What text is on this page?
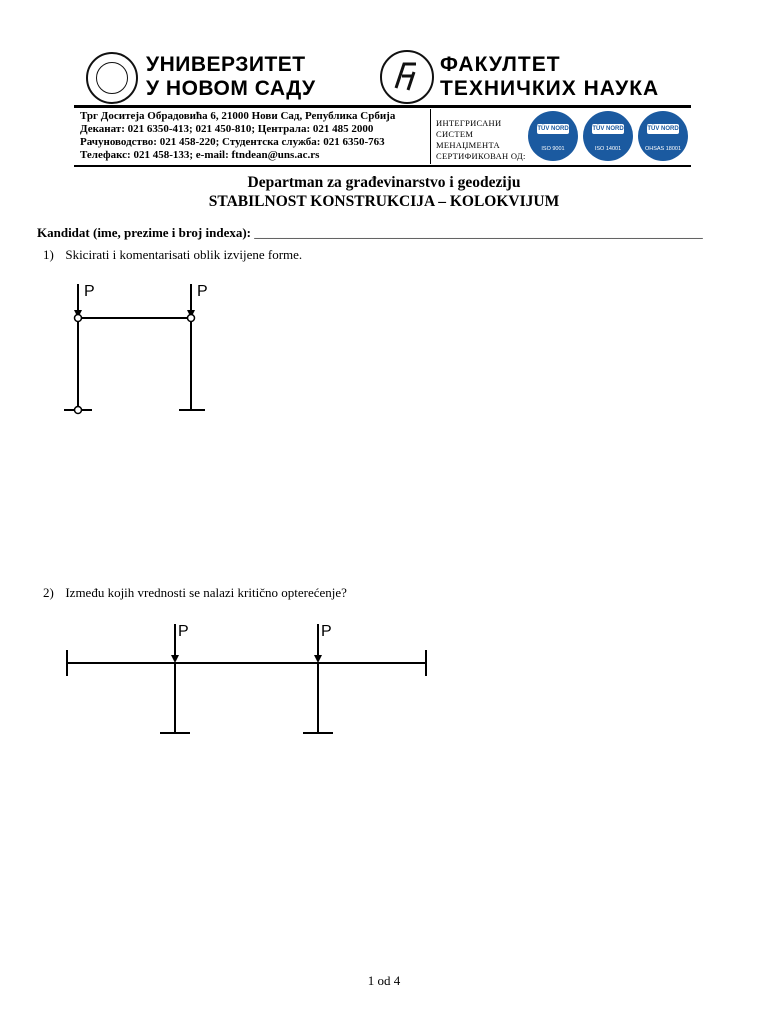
УНИВЕРЗИТЕТ
У НОВОМ САДУ
ФАКУЛТЕТ
ТЕХНИЧКИХ НАУКА
Трг Доситеја Обрадовића 6, 21000 Нови Сад, Република Србија
Деканат: 021 6350-413; 021 450-810; Централа: 021 485 2000
Рачуноводство: 021 458-220; Студентска служба: 021 6350-763
Телефакс: 021 458-133; e-mail: ftndean@uns.ac.rs
ИНТЕГРИСАНИ
СИСТЕМ
МЕНАЏМЕНТА
СЕРТИФИКОВАН ОД:
TÜV NORD
ISO 9001
TÜV NORD
ISO 14001
TÜV NORD
OHSAS 18001
Departman za građevinarstvo i geodeziju
STABILNOST KONSTRUKCIJA – KOLOKVIJUM
Kandidat (ime, prezime i broj indexa): _____________________________________________________________________
1) Skicirati i komentarisati oblik izvijene forme.
P	P
2) Između kojih vrednosti se nalazi kritično opterećenje?
P	P
1 od 4
